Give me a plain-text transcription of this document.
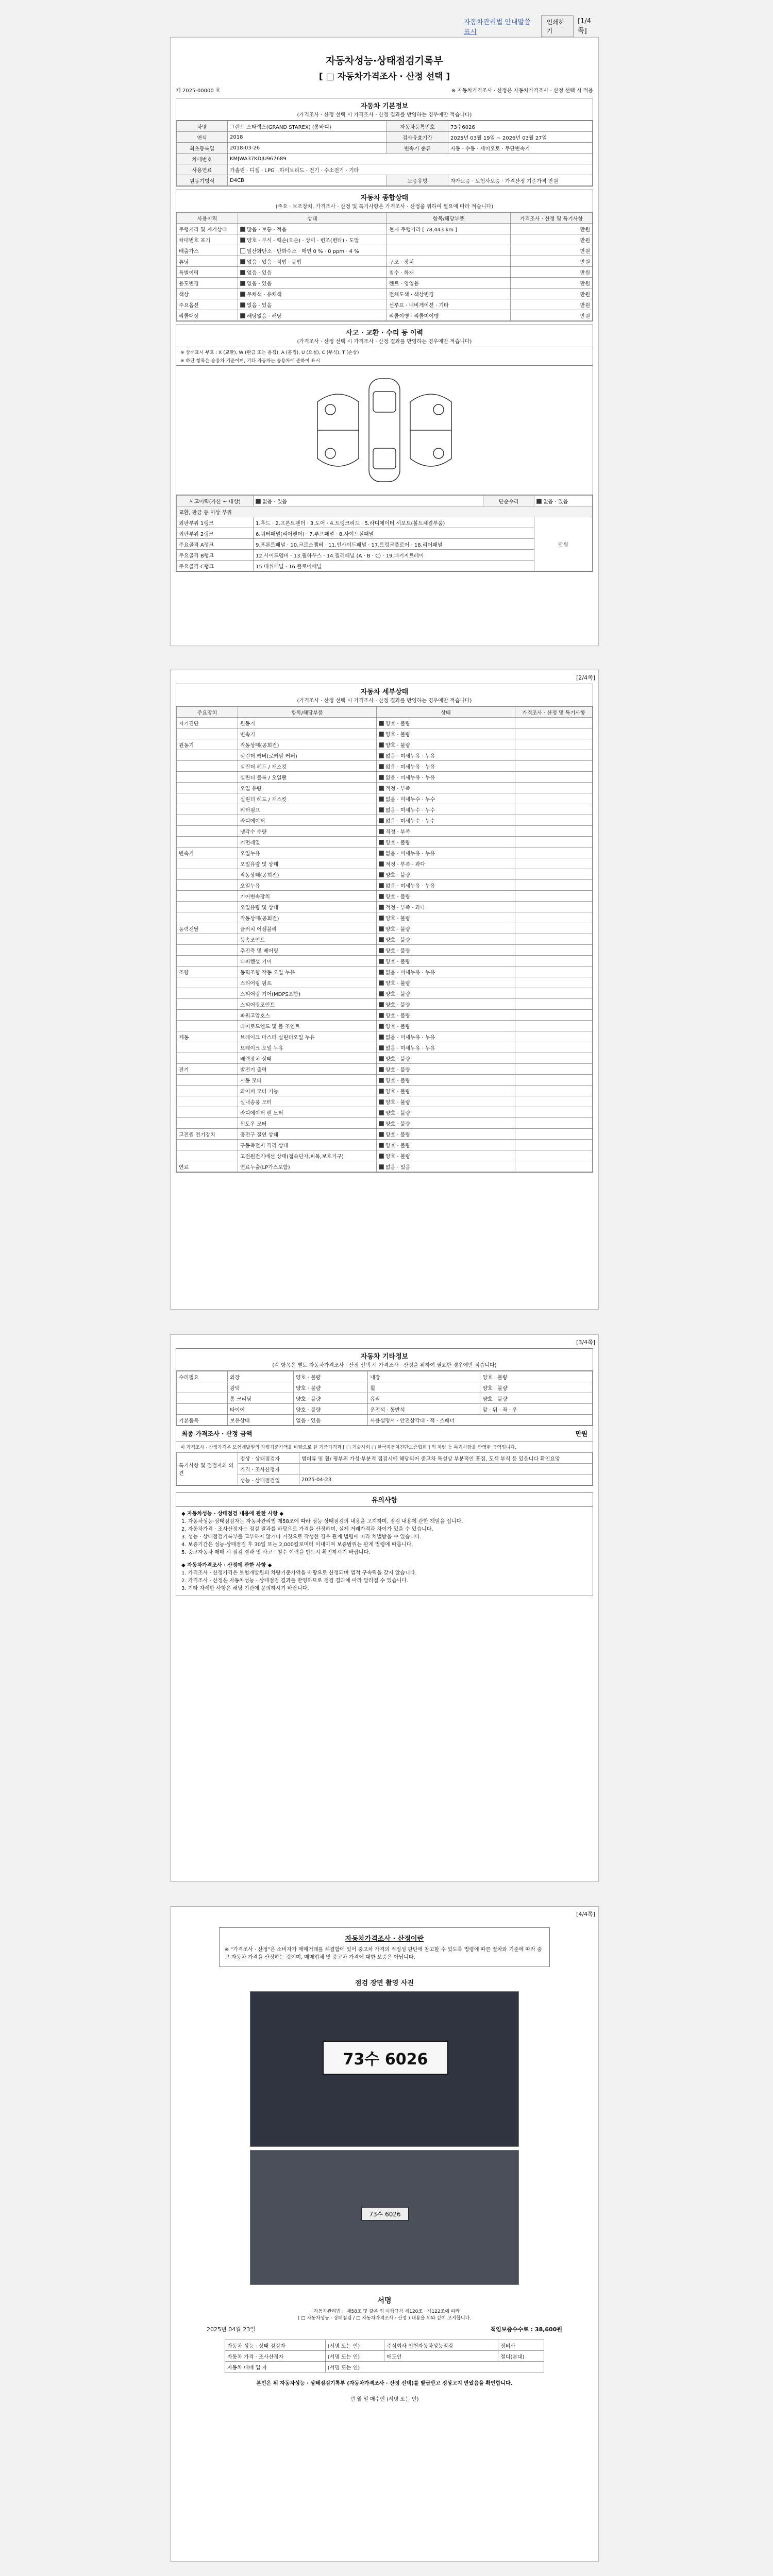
자동차관리법 안내말씀 표시
인쇄하기
[1/4쪽]
자동차성능·상태점검기록부
[ □ 자동차가격조사 · 산정 선택 ]
제 2025-00000 호	※ 자동차가격조사 · 산정은 자동차가격조사 · 산정 선택 시 적용
자동차 기본정보
(가격조사 · 산정 선택 시 가격조사 · 산정 결과를 반영하는 경우에만 적습니다)
차명	그랜드 스타렉스(GRAND STAREX) (롱바디)	자동차등록번호	73수6026
연식	2018	검사유효기간	2025년 03월 19일 ~ 2026년 03월 27일
최초등록일	2018-03-26	변속기 종류	자동 · 수동 · 세미오토 · 무단변속기
차대번호	KMJWA37KDJU967689		
사용연료	가솔린 · 디젤 · LPG · 하이브리드 · 전기 · 수소전기 · 기타		
원동기형식	D4CB	보증유형	자가보증 · 보험사보증 · 가격산정 기준가격 만원
자동차 종합상태
(주요 · 보조장치, 가격조사 · 산정 및 특기사항은 가격조사 · 산정을 위하여 필요에 따라 적습니다)
사용이력	상태	항목/해당부품	가격조사 · 산정 및 특기사항
주행거리 및 계기상태	많음 · 보통 · 적음	현재 주행거리 [ 78,443 km ]	만원
차대번호 표기	양호 · 부식 · 훼손(오손) · 상이 · 변조(변타) · 도말		만원
배출가스	일산화탄소 · 탄화수소 · 매연 0 % · 0 ppm · 4 %		만원
튜닝	없음 · 있음 · 적법 · 불법	구조 · 장치	만원
특별이력	없음 · 있음	침수 · 화재	만원
용도변경	없음 · 있음	렌트 · 영업용	만원
색상	무채색 · 유채색	전체도색 · 색상변경	만원
주요옵션	없음 · 있음	선루프 · 네비게이션 · 기타	만원
리콜대상	해당없음 · 해당	리콜이행 · 리콜미이행	만원
사고 · 교환 · 수리 등 이력
(가격조사 · 산정 선택 시 가격조사 · 산정 결과를 반영하는 경우에만 적습니다)
※ 상태표시 부호 : X (교환), W (판금 또는 용접), A (흠집), U (요철), C (부식), T (손상)
※ 하단 항목은 승용차 기준이며, 기타 자동차는 승용차에 준하여 표시
사고이력(가산 ~ 대상)	없음 · 있음	단순수리	없음 · 있음
교환, 판금 등 이상 부위			
외판부위 1랭크	1.후드 · 2.프론트펜더 · 3.도어 · 4.트렁크리드 · 5.라디에이터 서포트(볼트체결부품)		만원
외판부위 2랭크	6.쿼터패널(리어펜더) · 7.루프패널 · 8.사이드실패널		
주요골격 A랭크	9.프론트패널 · 10.크로스멤버 · 11.인사이드패널 · 17.트렁크플로어 · 18.리어패널		
주요골격 B랭크	12.사이드멤버 · 13.휠하우스 · 14.필러패널 (A · B · C) · 19.패키지트레이		
주요골격 C랭크	15.대쉬패널 · 16.플로어패널		
[2/4쪽]
자동차 세부상태
(가격조사 · 산정 선택 시 가격조사 · 산정 결과를 반영하는 경우에만 적습니다)
주요장치	항목/해당부품	상태	가격조사 · 산정 및 특기사항
자기진단	원동기	양호 · 불량	
	변속기	양호 · 불량	
원동기	작동상태(공회전)	양호 · 불량	
	실린더 커버(로커암 커버)	없음 · 미세누유 · 누유	
	실린더 헤드 / 개스킷	없음 · 미세누유 · 누유	
	실린더 블록 / 오일팬	없음 · 미세누유 · 누유	
	오일 유량	적정 · 부족	
	실린더 헤드 / 개스킷	없음 · 미세누수 · 누수	
	워터펌프	없음 · 미세누수 · 누수	
	라디에이터	없음 · 미세누수 · 누수	
	냉각수 수량	적정 · 부족	
	커먼레일	양호 · 불량	
변속기	오일누유	없음 · 미세누유 · 누유	
	오일유량 및 상태	적정 · 부족 · 과다	
	작동상태(공회전)	양호 · 불량	
	오일누유	없음 · 미세누유 · 누유	
	기어변속장치	양호 · 불량	
	오일유량 및 상태	적정 · 부족 · 과다	
	작동상태(공회전)	양호 · 불량	
동력전달	클러치 어셈블리	양호 · 불량	
	등속조인트	양호 · 불량	
	추진축 및 베어링	양호 · 불량	
	디퍼렌셜 기어	양호 · 불량	
조향	동력조향 작동 오일 누유	없음 · 미세누유 · 누유	
	스티어링 펌프	양호 · 불량	
	스티어링 기어(MDPS포함)	양호 · 불량	
	스티어링조인트	양호 · 불량	
	파워고압호스	양호 · 불량	
	타이로드엔드 및 볼 조인트	양호 · 불량	
제동	브레이크 마스터 실린더오일 누유	없음 · 미세누유 · 누유	
	브레이크 오일 누유	없음 · 미세누유 · 누유	
	배력장치 상태	양호 · 불량	
전기	발전기 출력	양호 · 불량	
	시동 모터	양호 · 불량	
	와이퍼 모터 기능	양호 · 불량	
	실내송풍 모터	양호 · 불량	
	라디에이터 팬 모터	양호 · 불량	
	윈도우 모터	양호 · 불량	
고전원 전기장치	충전구 절연 상태	양호 · 불량	
	구동축전지 격리 상태	양호 · 불량	
	고전원전기배선 상태(접속단자,피복,보호기구)	양호 · 불량	
연료	연료누출(LP가스포함)	없음 · 있음	
[3/4쪽]
자동차 기타정보
(각 항목은 별도 자동차가격조사 · 산정 선택 시 가격조사 · 산정을 위하여 필요한 경우에만 적습니다)
수리필요	외장	양호 · 불량	내장	양호 · 불량
	광택	양호 · 불량	휠	양호 · 불량
	룸 크리닝	양호 · 불량	유리	양호 · 불량
	타이어	양호 · 불량	운전석 · 동반석	앞 · 뒤 · 좌 · 우
기본품목	보유상태	없음 · 있음	사용설명서 · 안전삼각대 · 잭 · 스패너	
최종 가격조사 · 산정 금액	만원
이 가격조사 · 산정가격은 보험개발원의 차량기준가액을 바탕으로 한 기준가격과 [ □ 기술사회 □ 한국자동차진단보증협회 ] 의 차량 등 특기사항을 반영한 금액입니다.
특기사항 및 점검자의 의견	정상 · 상태점검자	범퍼류 및 휠/ 평부위 가성·부분적 접검시에 해당되어 중고차 특성상 부분적인 흠집, 도색 부식 등 있음니다 확인요망
	가격 · 조사산정자	
	성능 · 상태점검일	2025-04-23
유의사항
◆ 자동차성능 · 상태점검 내용에 관한 사항 ◆
1. 자동차성능·상태점검자는 자동차관리법 제58조에 따라 성능·상태점검의 내용을 고지하며, 점검 내용에 관한 책임을 집니다.
2. 자동차가격 · 조사산정자는 점검 결과를 바탕으로 가격을 산정하며, 실제 거래가격과 차이가 있을 수 있습니다.
3. 성능 · 상태점검기록부를 교부하지 않거나 거짓으로 작성한 경우 관계 법령에 따라 처벌받을 수 있습니다.
4. 보증기간은 성능·상태점검 후 30일 또는 2,000킬로미터 이내이며 보증범위는 관계 법령에 따릅니다.
5. 중고자동차 매매 시 점검 결과 및 사고 · 침수 이력을 반드시 확인하시기 바랍니다.
◆ 자동차가격조사 · 산정에 관한 사항 ◆
1. 가격조사 · 산정가격은 보험개발원의 차량기준가액을 바탕으로 산정되며 법적 구속력을 갖지 않습니다.
2. 가격조사 · 산정은 자동차성능 · 상태점검 결과를 반영하므로 점검 결과에 따라 달라질 수 있습니다.
3. 기타 자세한 사항은 해당 기관에 문의하시기 바랍니다.
[4/4쪽]
자동차가격조사 · 산정이란
※ "가격조사 · 산정"은 소비자가 매매거래를 체결함에 있어 중고차 가격의 적정성 판단에 참고할 수 있도록 법령에 따른 절차와 기준에 따라 중고 자동차 가격을 산정하는 것이며, 매매업체 및 중고차 가격에 대한 보증은 아닙니다.
점검 장면 촬영 사진
73수 6026
73수 6026
서명
「자동차관리법」 제58조 및 같은 법 시행규칙 제120조 · 제122조에 따라
( □ 자동차성능 · 상태점검 / □ 자동차가격조사 · 산정 ) 내용을 위와 같이 고지합니다.
2025년 04월 23일	책임보증수수료 : 38,600원
자동차 성능 · 상태 점검자	(서명 또는 인)	주식회사 인천자동차성능점검	정비사
자동차 가격 · 조사산정자	(서명 또는 인)	매도인	절디(본대)
자동차 매매 업 자	(서명 또는 인)		
본인은 위 자동차성능 · 상태점검기록부 (자동차가격조사 · 산정 선택)를 발급받고 정상고지 받았음을 확인합니다.
년 월 일 매수인 (서명 또는 인)
